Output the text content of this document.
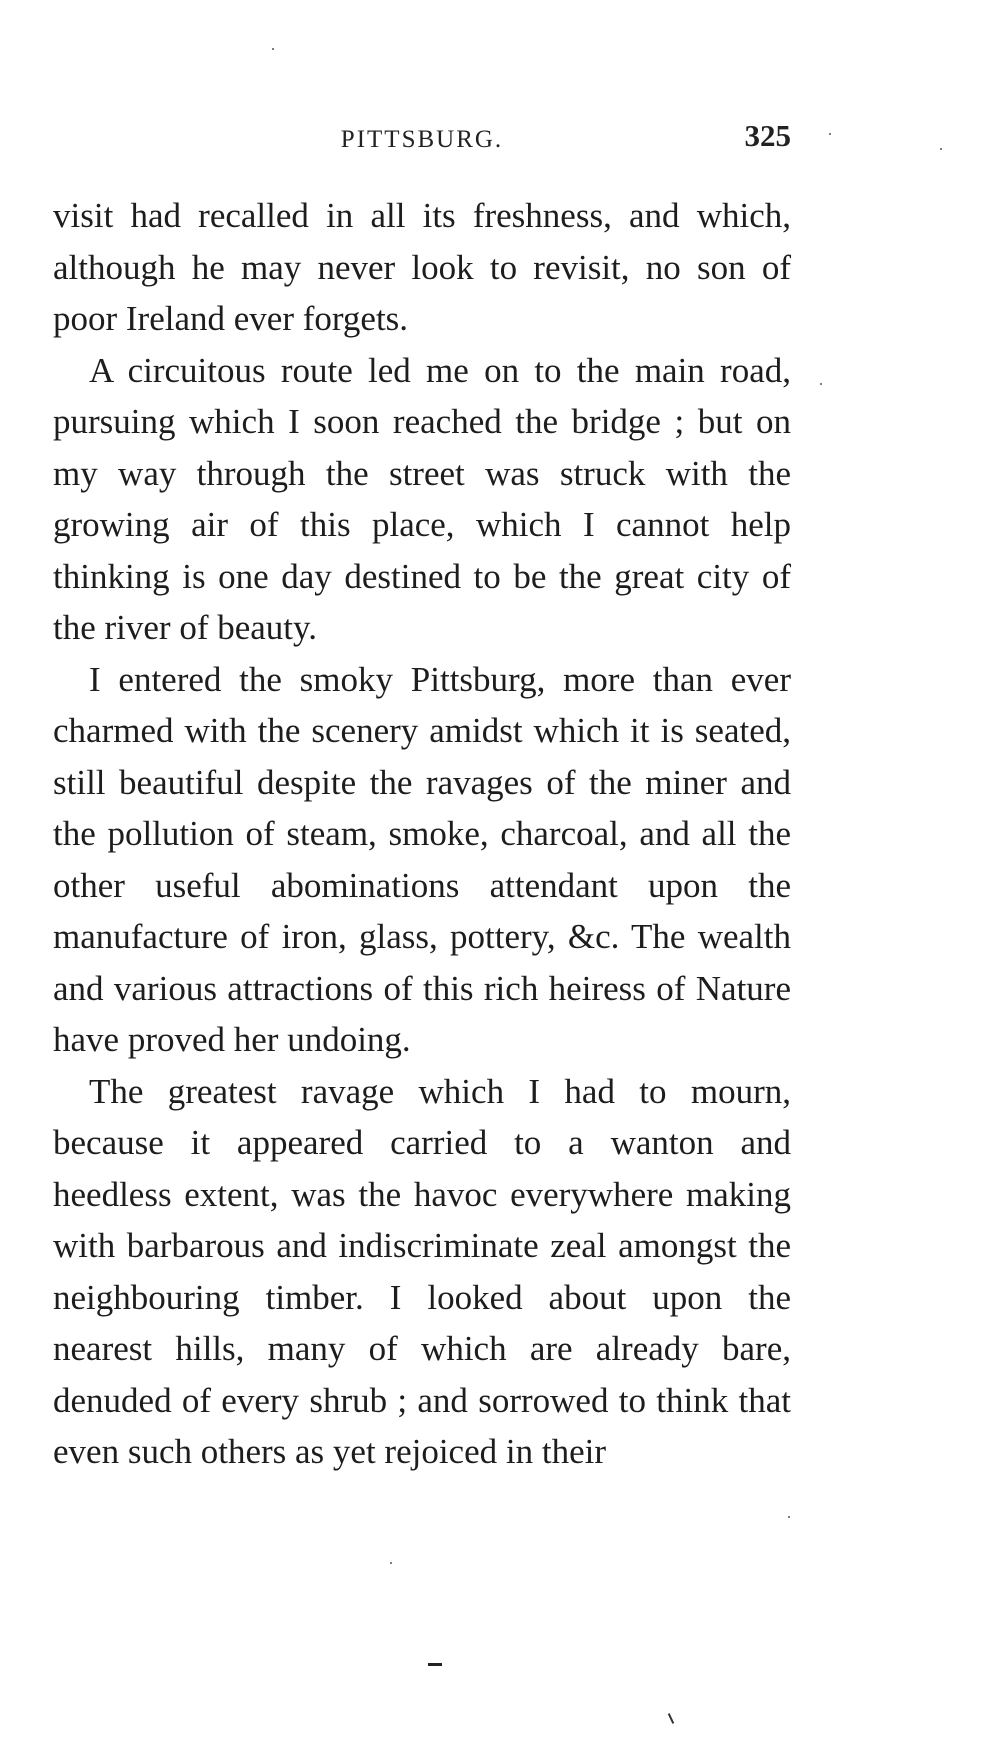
PITTSBURG.	325

visit had recalled in all its freshness, and which, although he may never look to revisit, no son of poor Ireland ever forgets.

A circuitous route led me on to the main road, pursuing which I soon reached the bridge ; but on my way through the street was struck with the growing air of this place, which I cannot help thinking is one day destined to be the great city of the river of beauty.

I entered the smoky Pittsburg, more than ever charmed with the scenery amidst which it is seated, still beautiful despite the ravages of the miner and the pollution of steam, smoke, charcoal, and all the other useful abominations attendant upon the manufacture of iron, glass, pottery, &c. The wealth and various attractions of this rich heiress of Nature have proved her undoing.

The greatest ravage which I had to mourn, because it appeared carried to a wanton and heedless extent, was the havoc everywhere making with barbarous and indiscriminate zeal amongst the neighbouring timber. I looked about upon the nearest hills, many of which are already bare, denuded of every shrub ; and sorrowed to think that even such others as yet rejoiced in their
